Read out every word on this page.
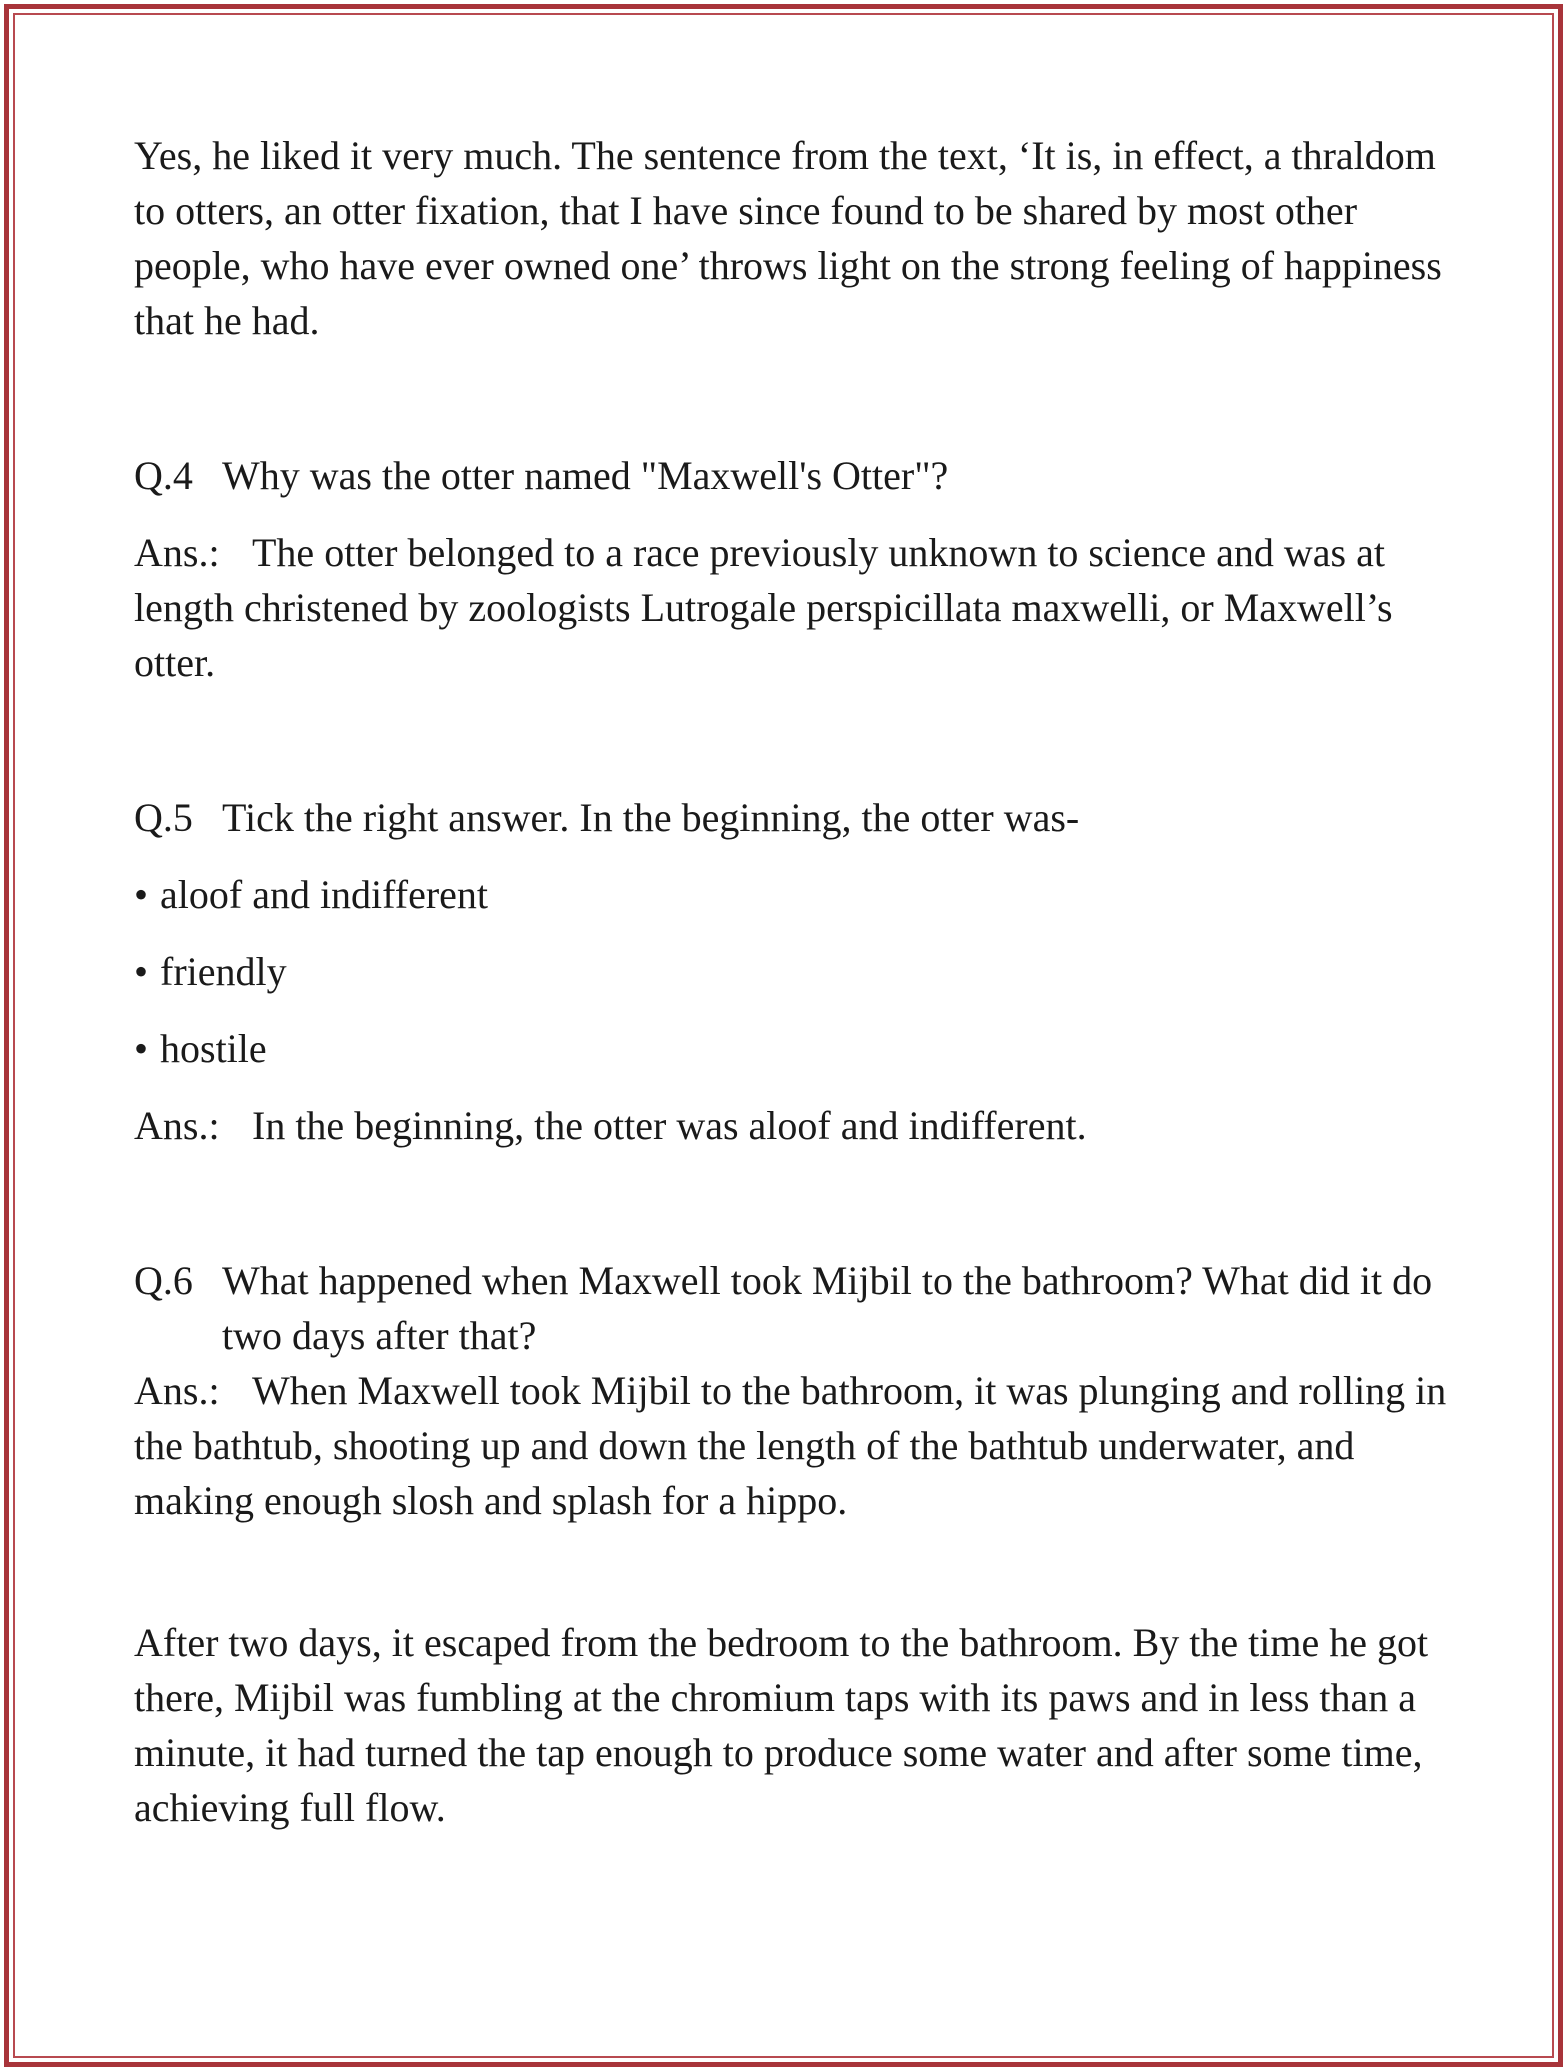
Yes, he liked it very much. The sentence from the text, ‘It is, in effect, a thraldom to otters, an otter fixation, that I have since found to be shared by most other people, who have ever owned one’ throws light on the strong feeling of happiness that he had.

Q.4 Why was the otter named "Maxwell's Otter"?

Ans.: The otter belonged to a race previously unknown to science and was at length christened by zoologists Lutrogale perspicillata maxwelli, or Maxwell’s otter.

Q.5 Tick the right answer. In the beginning, the otter was-

• aloof and indifferent

• friendly

• hostile

Ans.: In the beginning, the otter was aloof and indifferent.

Q.6 What happened when Maxwell took Mijbil to the bathroom? What did it do two days after that?

Ans.: When Maxwell took Mijbil to the bathroom, it was plunging and rolling in the bathtub, shooting up and down the length of the bathtub underwater, and making enough slosh and splash for a hippo.

After two days, it escaped from the bedroom to the bathroom. By the time he got there, Mijbil was fumbling at the chromium taps with its paws and in less than a minute, it had turned the tap enough to produce some water and after some time, achieving full flow.
